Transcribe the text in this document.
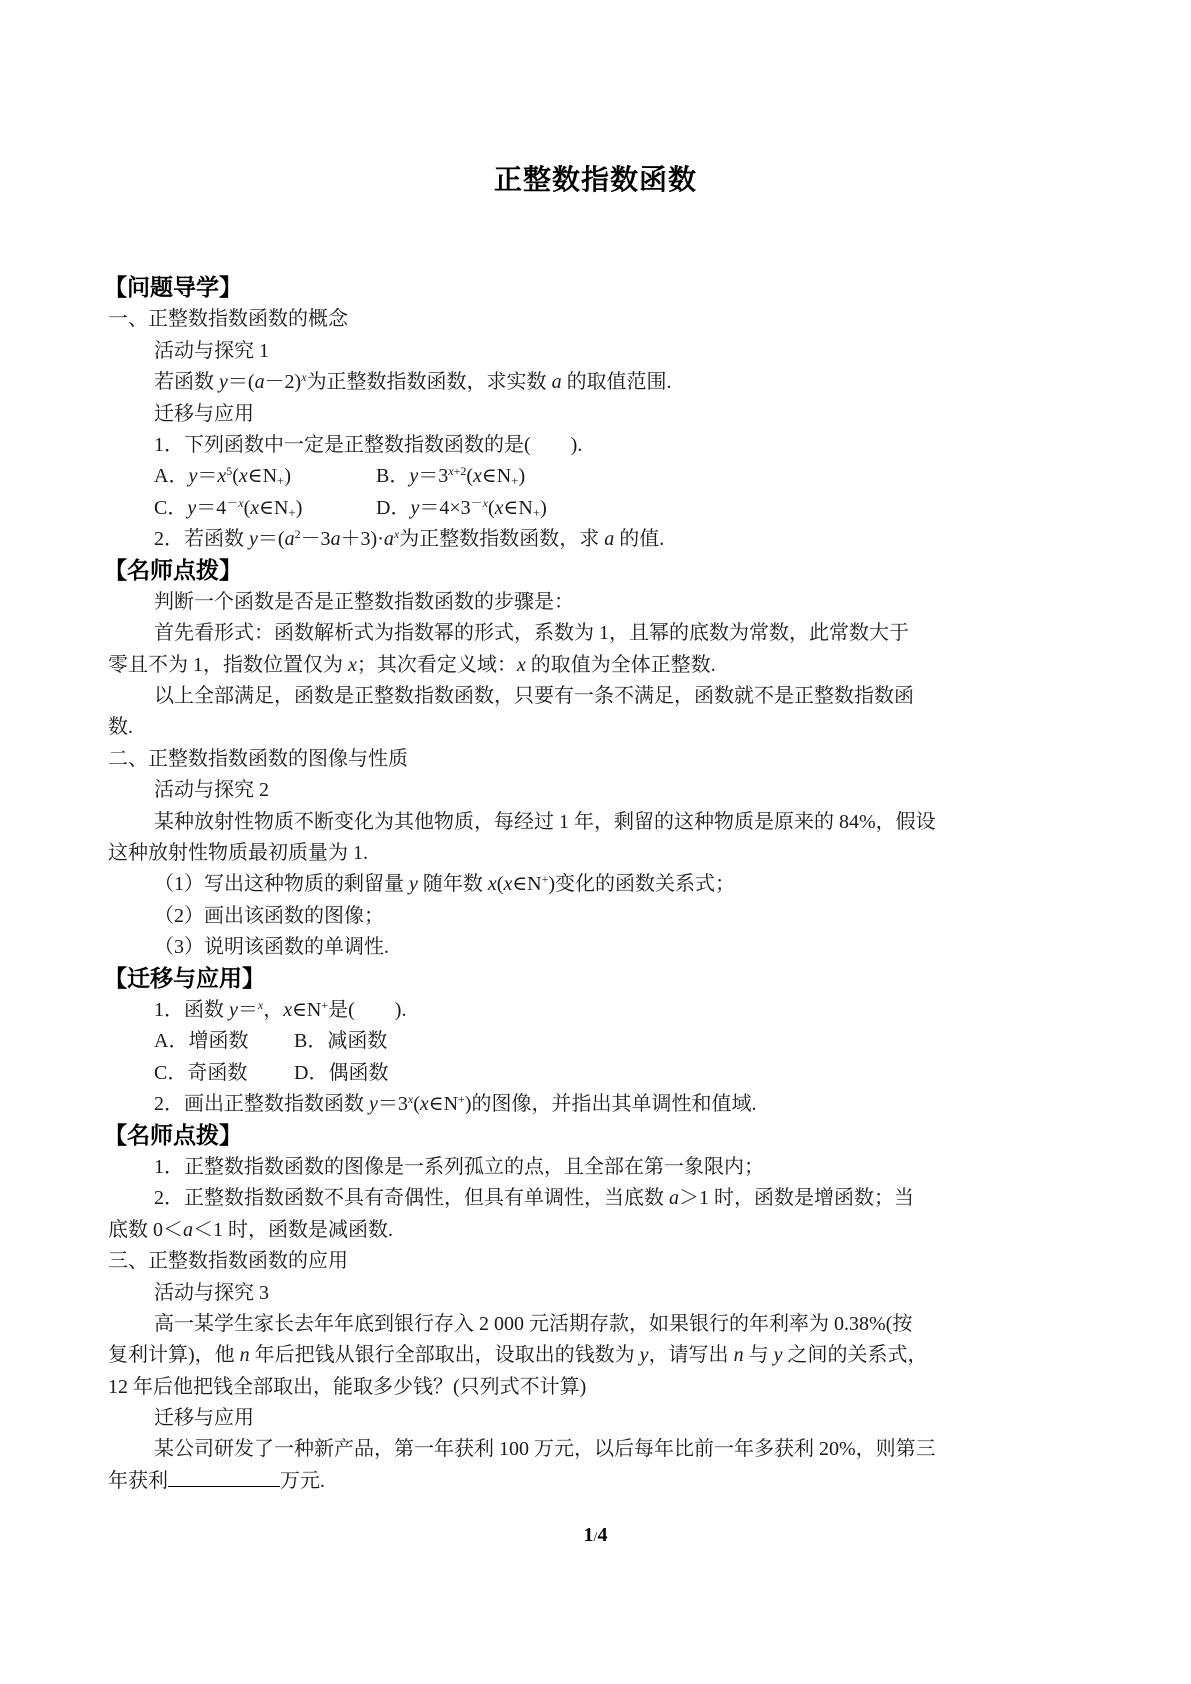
正整数指数函数
【问题导学】
一、正整数指数函数的概念
活动与探究 1
若函数 $y=(a-2)^x$为正整数指数函数，求实数 a 的取值范围.
迁移与应用
1．下列函数中一定是正整数指数函数的是(　　).
A．$y=x^5(x\in N_+)$	B．$y=3^{x+2}(x\in N_+)$
C．$y=4^{-x}(x\in N_+)$	D．$y=4\times 3^{-x}(x\in N_+)$
2．若函数 $y=(a^2-3a+3)\cdot a^x$为正整数指数函数，求 a 的值.
【名师点拨】
判断一个函数是否是正整数指数函数的步骤是：
首先看形式：函数解析式为指数幂的形式，系数为 1，且幂的底数为常数，此常数大于
零且不为 1，指数位置仅为 x；其次看定义域：x 的取值为全体正整数.
以上全部满足，函数是正整数指数函数，只要有一条不满足，函数就不是正整数指数函
数.
二、正整数指数函数的图像与性质
活动与探究 2
某种放射性物质不断变化为其他物质，每经过 1 年，剩留的这种物质是原来的 84%，假设
这种放射性物质最初质量为 1.
（1）写出这种物质的剩留量 y 随年数 x(x∈N+)变化的函数关系式；
（2）画出该函数的图像；
（3）说明该函数的单调性.
【迁移与应用】
1．函数 y＝$^x$，x∈N+是(　　).
A．增函数	B．减函数
C．奇函数	D．偶函数
2．画出正整数指数函数 $y=3^x(x\in N^+)$的图像，并指出其单调性和值域.
【名师点拨】
1．正整数指数函数的图像是一系列孤立的点，且全部在第一象限内；
2．正整数指数函数不具有奇偶性，但具有单调性，当底数 a＞1 时，函数是增函数；当
底数 0＜a＜1 时，函数是减函数.
三、正整数指数函数的应用
活动与探究 3
高一某学生家长去年年底到银行存入 2 000 元活期存款，如果银行的年利率为 0.38%(按
复利计算)，他 n 年后把钱从银行全部取出，设取出的钱数为 y，请写出 n 与 y 之间的关系式，
12 年后他把钱全部取出，能取多少钱？(只列式不计算)
迁移与应用
某公司研发了一种新产品，第一年获利 100 万元，以后每年比前一年多获利 20%，则第三
年获利	万元.
1/4
